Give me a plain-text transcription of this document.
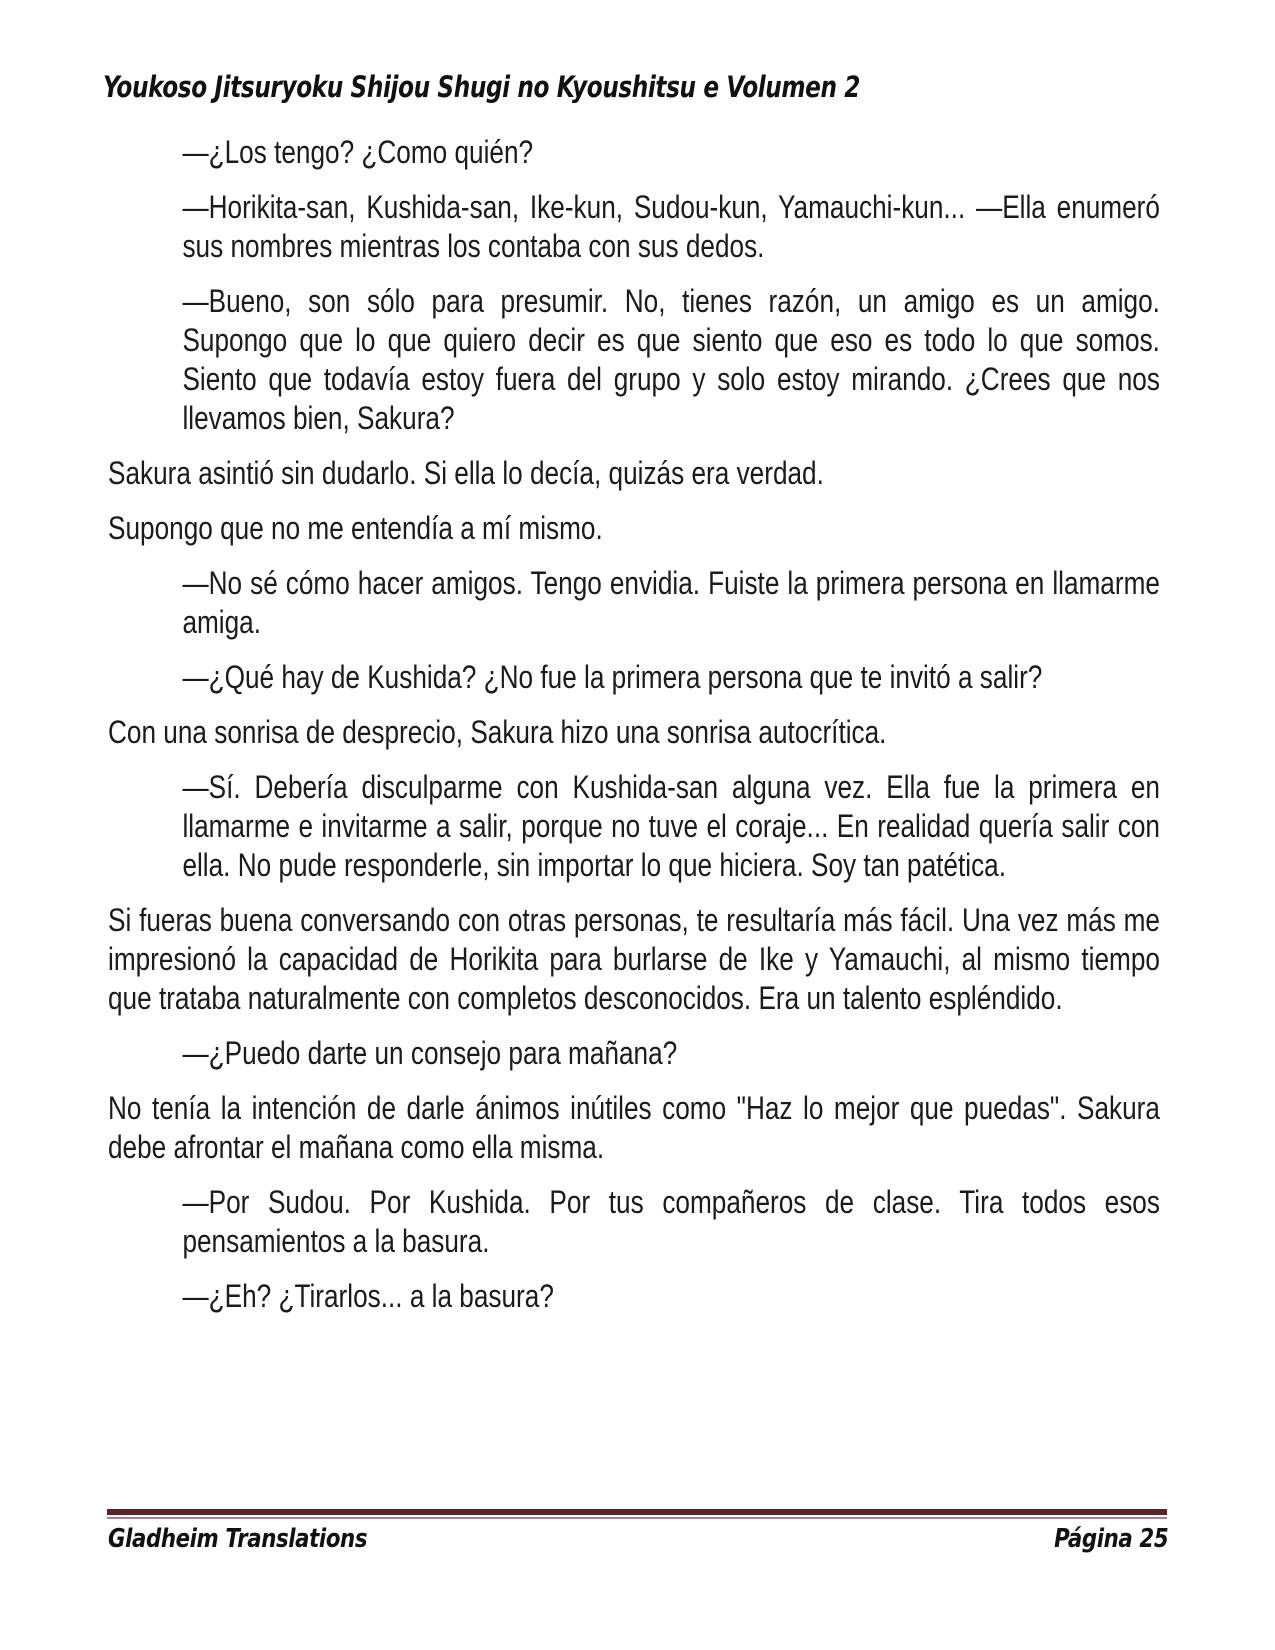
Youkoso Jitsuryoku Shijou Shugi no Kyoushitsu e Volumen 2

—¿Los tengo? ¿Como quién?

—Horikita-san, Kushida-san, Ike-kun, Sudou-kun, Yamauchi-kun... —Ella enumeró sus nombres mientras los contaba con sus dedos.

—Bueno, son sólo para presumir. No, tienes razón, un amigo es un amigo. Supongo que lo que quiero decir es que siento que eso es todo lo que somos. Siento que todavía estoy fuera del grupo y solo estoy mirando. ¿Crees que nos llevamos bien, Sakura?

Sakura asintió sin dudarlo. Si ella lo decía, quizás era verdad.

Supongo que no me entendía a mí mismo.

—No sé cómo hacer amigos. Tengo envidia. Fuiste la primera persona en llamarme amiga.

—¿Qué hay de Kushida? ¿No fue la primera persona que te invitó a salir?

Con una sonrisa de desprecio, Sakura hizo una sonrisa autocrítica.

—Sí. Debería disculparme con Kushida-san alguna vez. Ella fue la primera en llamarme e invitarme a salir, porque no tuve el coraje... En realidad quería salir con ella. No pude responderle, sin importar lo que hiciera. Soy tan patética.

Si fueras buena conversando con otras personas, te resultaría más fácil. Una vez más me impresionó la capacidad de Horikita para burlarse de Ike y Yamauchi, al mismo tiempo que trataba naturalmente con completos desconocidos. Era un talento espléndido.

—¿Puedo darte un consejo para mañana?

No tenía la intención de darle ánimos inútiles como "Haz lo mejor que puedas". Sakura debe afrontar el mañana como ella misma.

—Por Sudou. Por Kushida. Por tus compañeros de clase. Tira todos esos pensamientos a la basura.

—¿Eh? ¿Tirarlos... a la basura?

Gladheim Translations	Página 25
